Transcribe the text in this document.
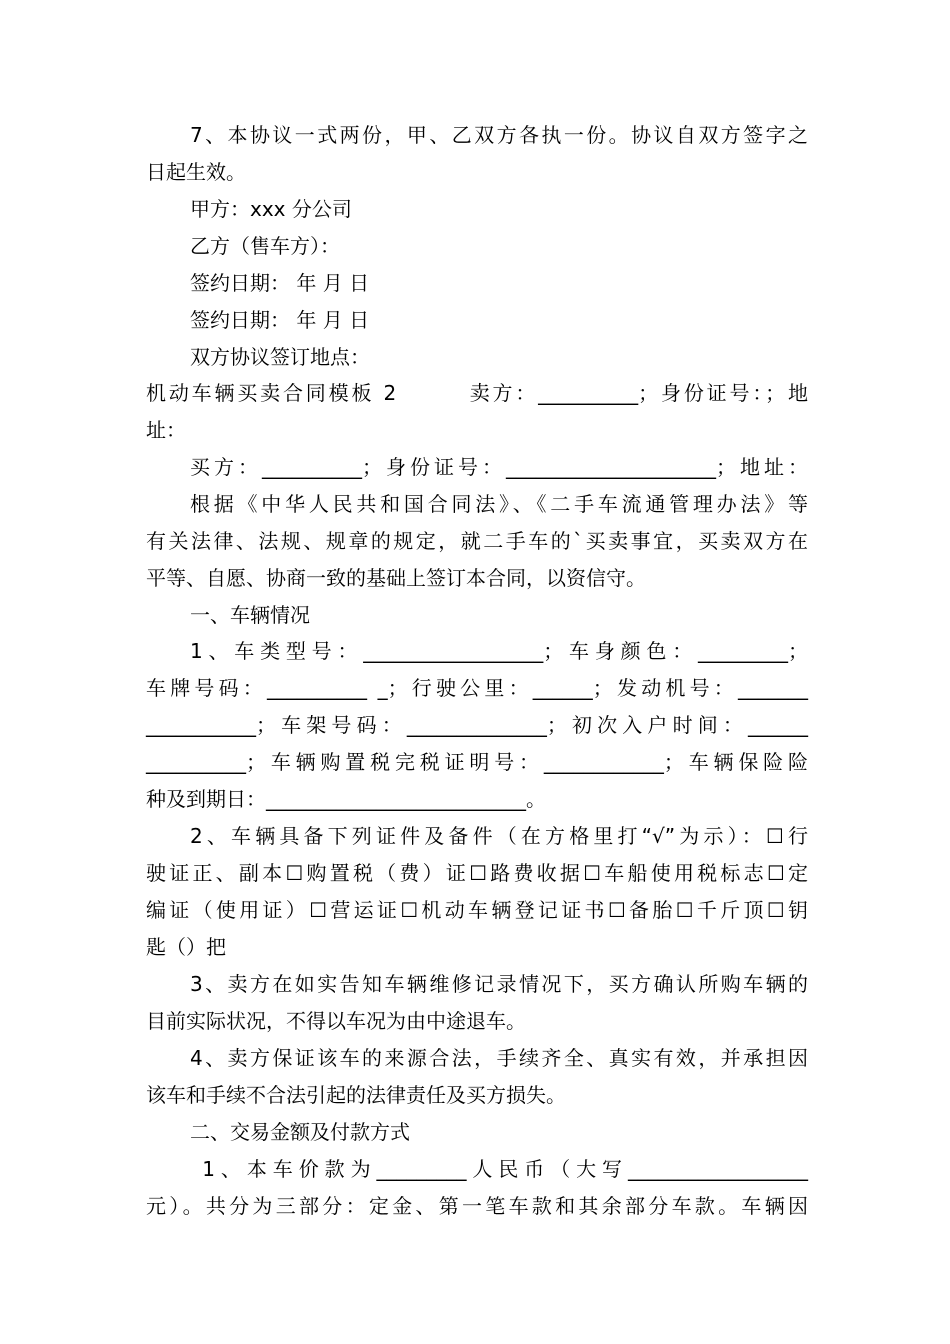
7、本协议一式两份，甲、乙双方各执一份。协议自双方签字之
日起生效。
甲方：xxx 分公司
乙方（售车方）：
签约日期： 年 月 日
签约日期： 年 月 日
双方协议签订地点：
机动车辆买卖合同模板 2        卖方：__________；身份证号：；地
址：
买方：__________；身份证号：_____________________；地址：
根据《中华人民共和国合同法》、《二手车流通管理办法》等
有关法律、法规、规章的规定，就二手车的`买卖事宜，买卖双方在
平等、自愿、协商一致的基础上签订本合同，以资信守。
一、车辆情况
1、车类型号：__________________；车身颜色：_________；
车牌号码：__________ _；行驶公里：______；发动机号：_______
___________；车架号码：______________；初次入户时间：______
__________；车辆购置税完税证明号：____________；车辆保险险
种及到期日：__________________________。
2、车辆具备下列证件及备件（在方格里打“√”为示）：☐行
驶证正、副本☐购置税（费）证☐路费收据☐车船使用税标志☐定
编证（使用证）☐营运证☐机动车辆登记证书☐备胎☐千斤顶☐钥
匙（）把
3、卖方在如实告知车辆维修记录情况下，买方确认所购车辆的
目前实际状况，不得以车况为由中途退车。
4、卖方保证该车的来源合法，手续齐全、真实有效，并承担因
该车和手续不合法引起的法律责任及买方损失。
二、交易金额及付款方式
1、本车价款为_________人民币（大写__________________
元）。共分为三部分：定金、第一笔车款和其余部分车款。车辆因
